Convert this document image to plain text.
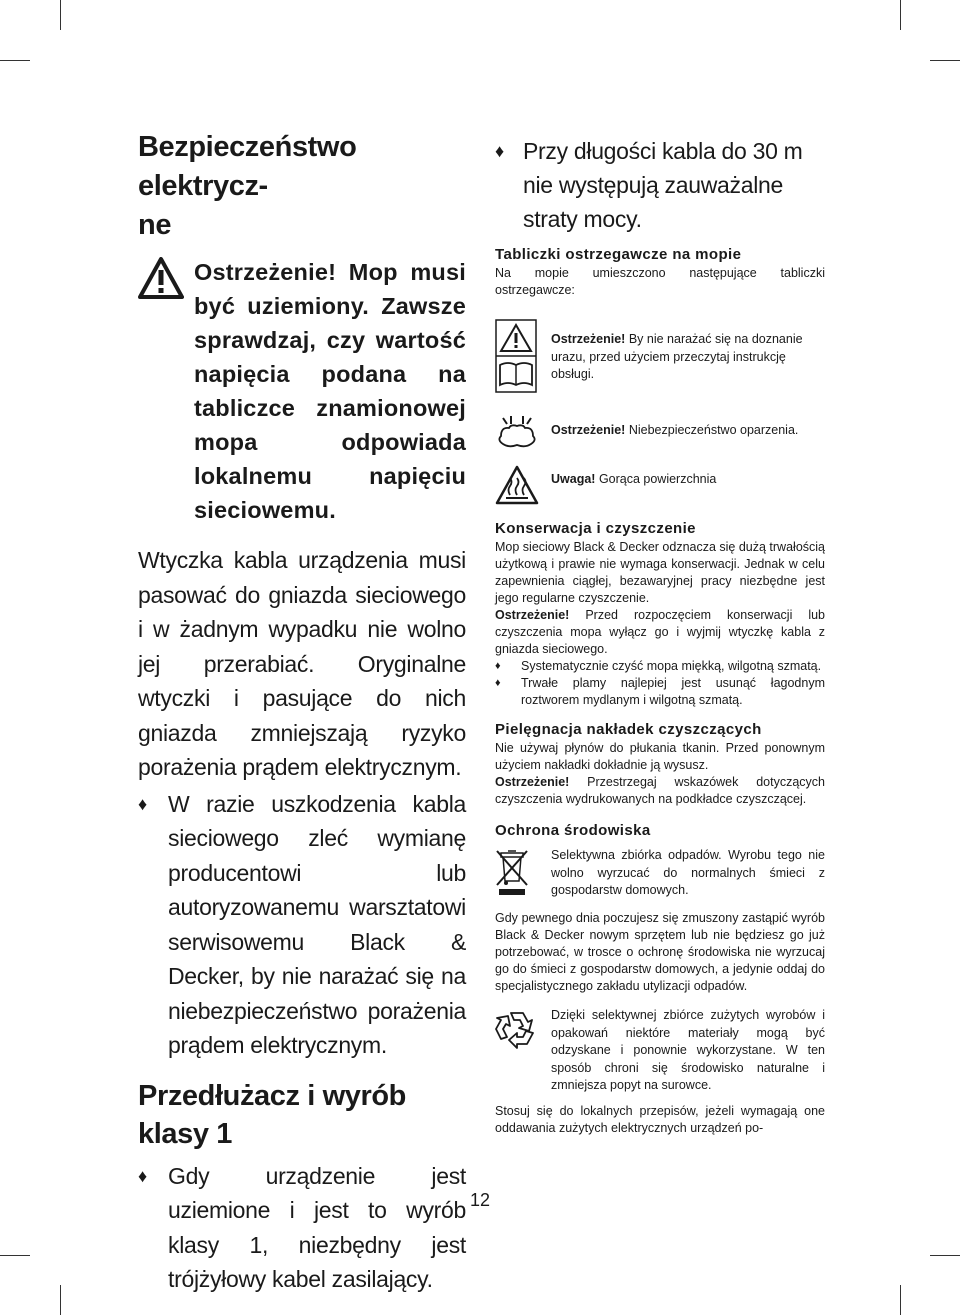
Bezpieczeństwo elektrycz-
ne
Ostrzeżenie! Mop musi być uziemiony. Zawsze sprawdzaj, czy wartość napięcia podana na tabliczce znamionowej mopa odpowiada lokalnemu napięciu sieciowemu.
Wtyczka kabla urządzenia musi pasować do gniazda sieciowego i w żadnym wypadku nie wolno jej przerabiać. Oryginalne wtyczki i pasujące do nich gniazda zmniejszają ryzyko porażenia prądem elektrycznym.
♦ W razie uszkodzenia kabla sieciowego zleć wymianę producentowi lub autoryzowanemu warsztatowi serwisowemu Black & Decker, by nie narażać się na niebezpieczeństwo porażenia prądem elektrycznym.
Przedłużacz i wyrób klasy 1
♦ Gdy urządzenie jest uziemione i jest to wyrób klasy 1, niezbędny jest trójżyłowy kabel zasilający.
♦ Przy długości kabla do 30 m nie występują zauważalne straty mocy.
Tabliczki ostrzegawcze na mopie
Na mopie umieszczono następujące tabliczki ostrzegawcze:
Ostrzeżenie! By nie narażać się na doznanie urazu, przed użyciem przeczytaj instrukcję obsługi.
Ostrzeżenie! Niebezpieczeństwo oparzenia.
Uwaga! Gorąca powierzchnia
Konserwacja i czyszczenie
Mop sieciowy Black & Decker odznacza się dużą trwałością użytkową i prawie nie wymaga konserwacji. Jednak w celu zapewnienia ciągłej, bezawaryjnej pracy niezbędne jest jego regularne czyszczenie.
Ostrzeżenie! Przed rozpoczęciem konserwacji lub czyszczenia mopa wyłącz go i wyjmij wtyczkę kabla z gniazda sieciowego.
♦ Systematycznie czyść mopa miękką, wilgotną szmatą.
♦ Trwałe plamy najlepiej jest usunąć łagodnym roztworem mydlanym i wilgotną szmatą.
Pielęgnacja nakładek czyszczących
Nie używaj płynów do płukania tkanin. Przed ponownym użyciem nakładki dokładnie ją wysusz.
Ostrzeżenie! Przestrzegaj wskazówek dotyczących czyszczenia wydrukowanych na podkładce czyszczącej.
Ochrona środowiska
Selektywna zbiórka odpadów. Wyrobu tego nie wolno wyrzucać do normalnych śmieci z gospodarstw domowych.
Gdy pewnego dnia poczujesz się zmuszony zastąpić wyrób Black & Decker nowym sprzętem lub nie będziesz go już potrzebować, w trosce o ochronę środowiska nie wyrzucaj go do śmieci z gospodarstw domowych, a jedynie oddaj do specjalistycznego zakładu utylizacji odpadów.
Dzięki selektywnej zbiórce zużytych wyrobów i opakowań niektóre materiały mogą być odzyskane i ponownie wykorzystane. W ten sposób chroni się środowisko naturalne i zmniejsza popyt na surowce.
Stosuj się do lokalnych przepisów, jeżeli wymagają one oddawania zużytych elektrycznych urządzeń po-
12
